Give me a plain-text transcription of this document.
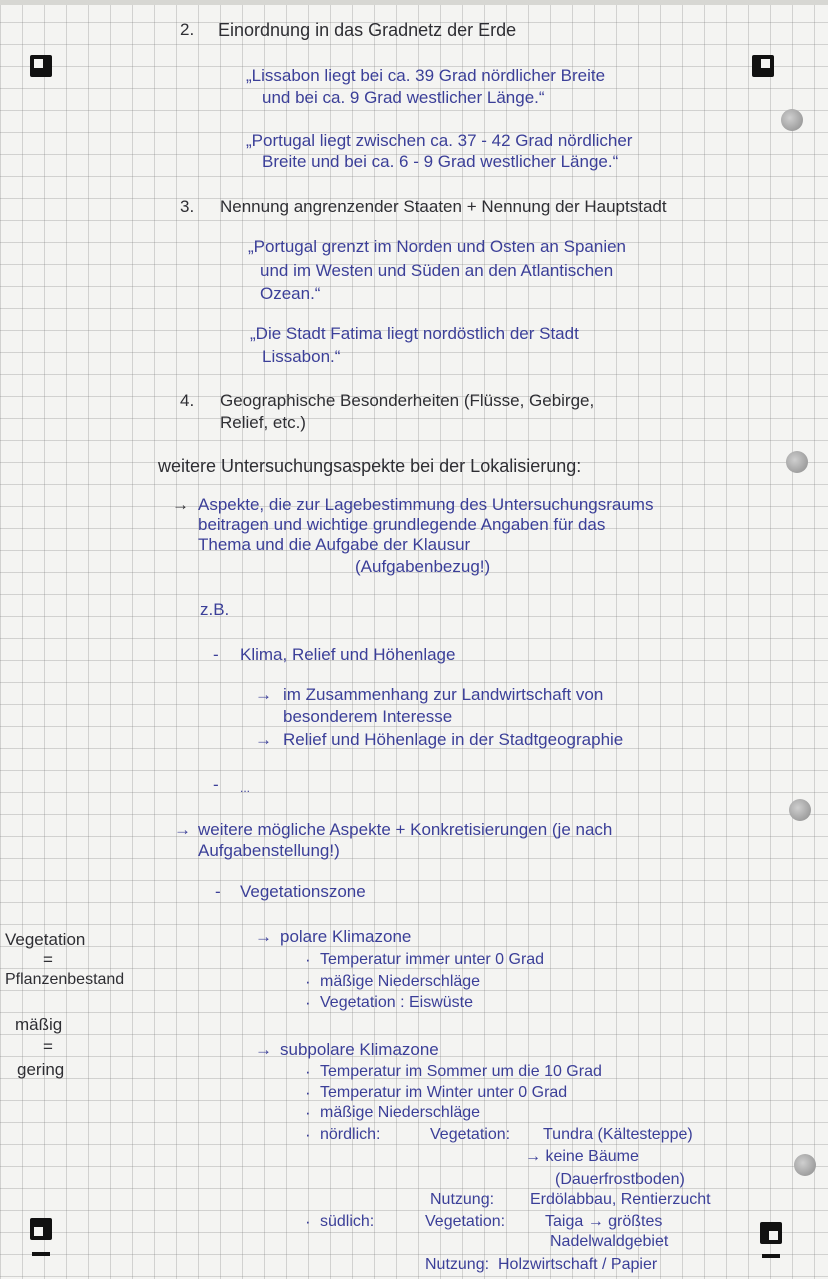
2. Einordnung in das Gradnetz der Erde
„Lissabon liegt bei ca. 39 Grad nördlicher Breite
und bei ca. 9 Grad westlicher Länge.“
„Portugal liegt zwischen ca. 37 - 42 Grad nördlicher
Breite und bei ca. 6 - 9 Grad westlicher Länge.“
3. Nennung angrenzender Staaten + Nennung der Hauptstadt
„Portugal grenzt im Norden und Osten an Spanien
und im Westen und Süden an den Atlantischen
Ozean.“
„Die Stadt Fatima liegt nordöstlich der Stadt
Lissabon.“
4. Geographische Besonderheiten (Flüsse, Gebirge,
Relief, etc.)
weitere Untersuchungsaspekte bei der Lokalisierung:
→ Aspekte, die zur Lagebestimmung des Untersuchungsraums
beitragen und wichtige grundlegende Angaben für das
Thema und die Aufgabe der Klausur
(Aufgabenbezug!)
z.B.
- Klima, Relief und Höhenlage
→ im Zusammenhang zur Landwirtschaft von
besonderem Interesse
→ Relief und Höhenlage in der Stadtgeographie
- ...
→ weitere mögliche Aspekte + Konkretisierungen (je nach
Aufgabenstellung!)
- Vegetationszone
→ polare Klimazone
· Temperatur immer unter 0 Grad
· mäßige Niederschläge
· Vegetation : Eiswüste
→ subpolare Klimazone
· Temperatur im Sommer um die 10 Grad
· Temperatur im Winter unter 0 Grad
· mäßige Niederschläge
· nördlich:	Vegetation: Tundra (Kältesteppe)
→ keine Bäume
(Dauerfrostboden)
Nutzung: Erdölabbau, Rentierzucht
· südlich:	Vegetation: Taiga → größtes
Nadelwaldgebiet
Nutzung: Holzwirtschaft / Papier
Vegetation
=
Pflanzenbestand
mäßig
=
gering
